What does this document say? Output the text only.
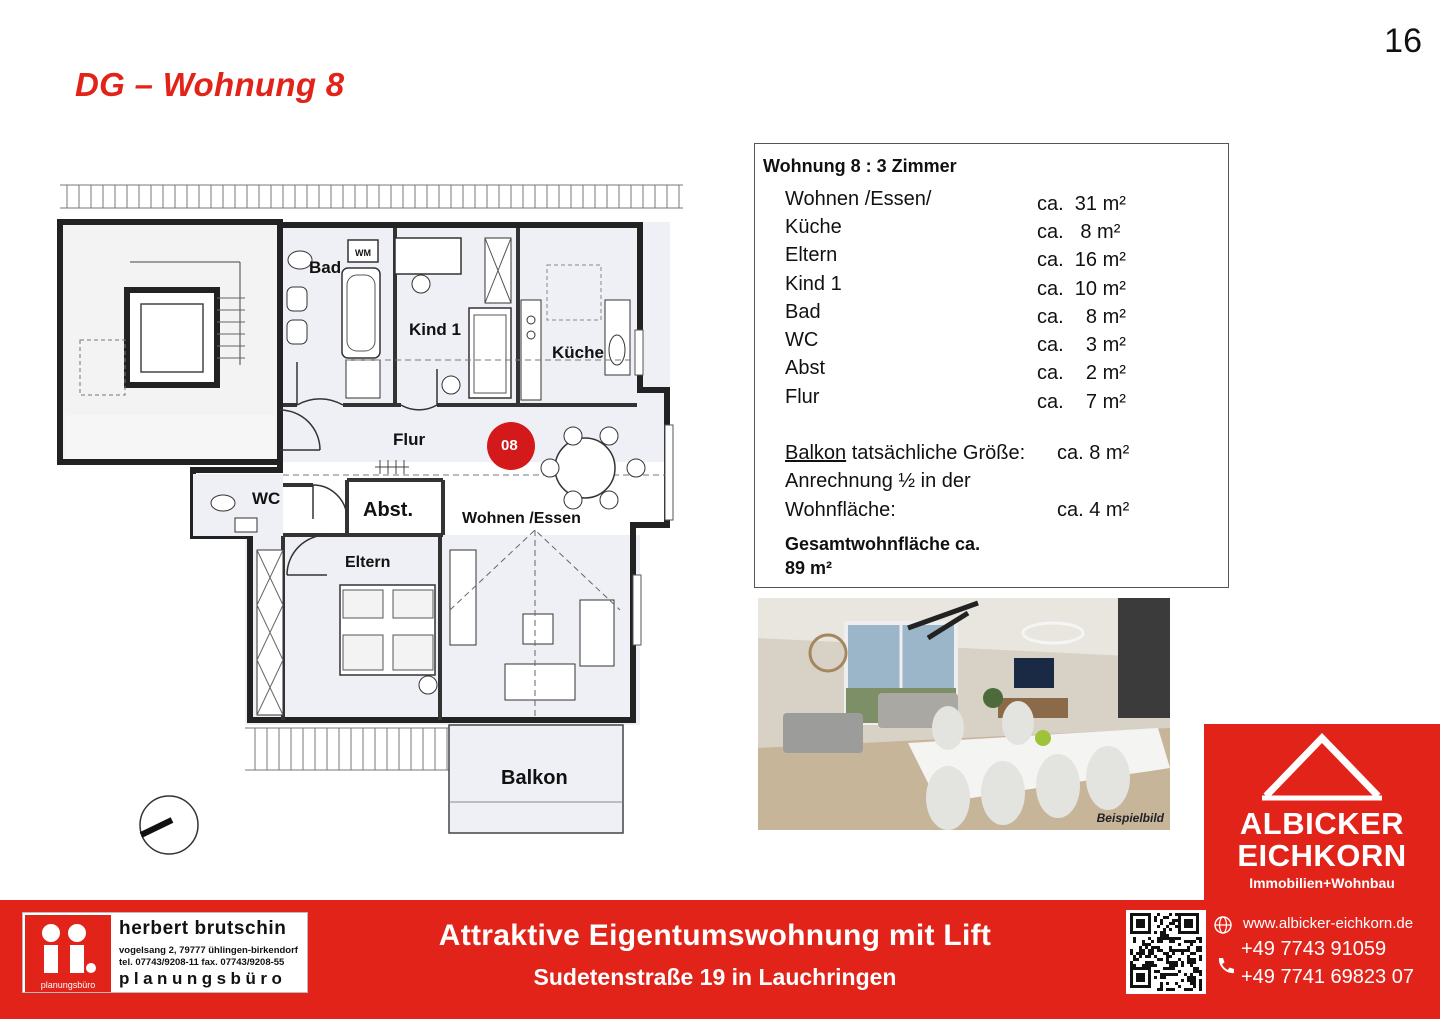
16
DG – Wohnung 8
Bad
WM
Kind 1
Küche
Flur
WC
Abst.	Wohnen /Essen
Eltern
Balkon
08
Wohnung 8 : 3 Zimmer
Wohnen /Essen/	ca.  31 m²
Küche	ca.   8 m²
Eltern	ca.  16 m²
Kind 1	ca.  10 m²
Bad	ca.    8 m²
WC	ca.    3 m²
Abst	ca.    2 m²
Flur	ca.    7 m²
Balkon tatsächliche Größe: ca. 8 m²
Anrechnung ½ in der
Wohnfläche:	ca. 4 m²
Gesamtwohnfläche ca.
89 m²
Beispielbild	ALBICKER
EICHKORN
Immobilien+Wohnbau
planungsbüro
herbert brutschin
vogelsang 2, 79777 ühlingen-birkendorf
tel. 07743/9208-11 fax. 07743/9208-55
planungsbüro
Attraktive Eigentumswohnung mit Lift
Sudetenstraße 19 in Lauchringen
www.albicker-eichkorn.de
+49 7743 91059
+49 7741 69823 07
